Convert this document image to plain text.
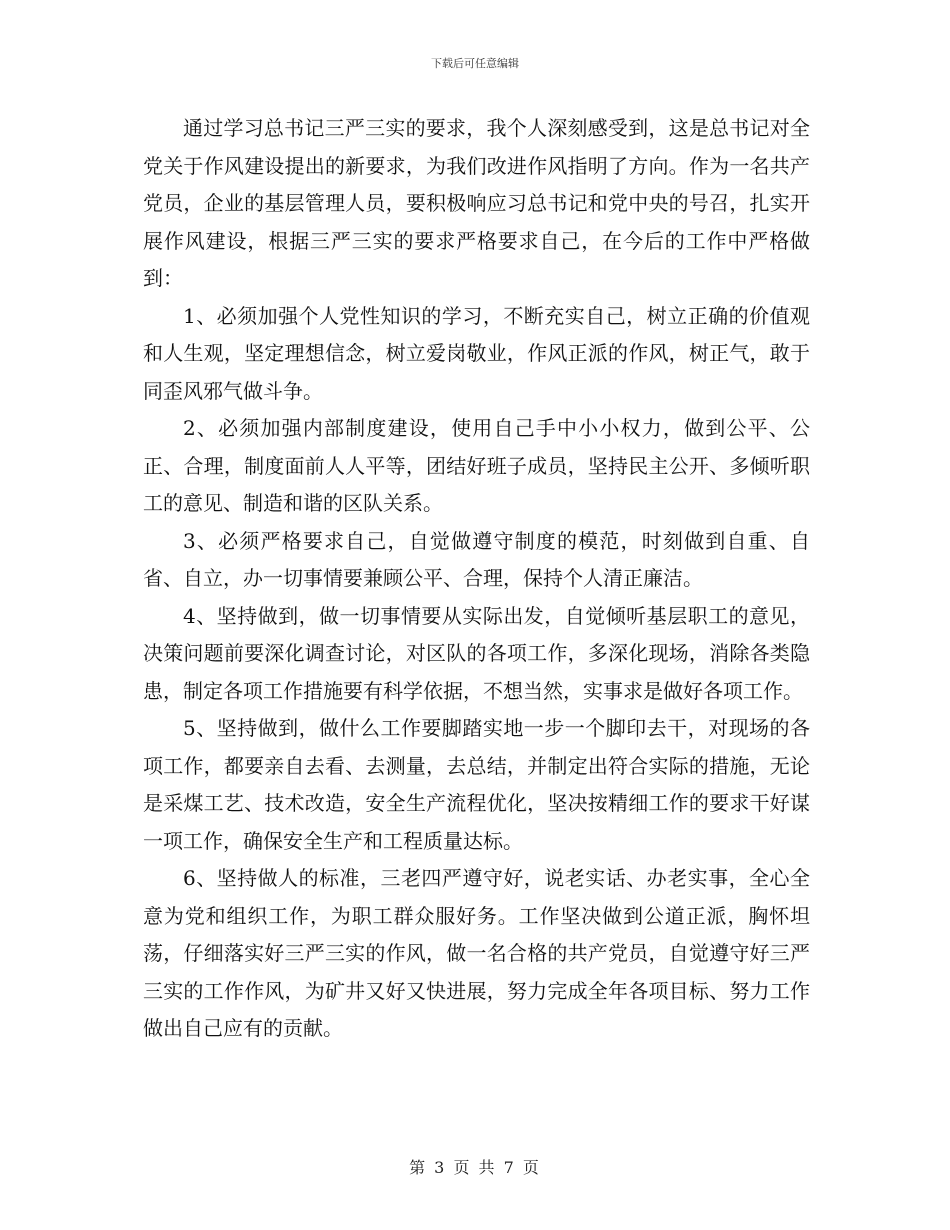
下载后可任意编辑

通过学习总书记三严三实的要求，我个人深刻感受到，这是总书记对全党关于作风建设提出的新要求，为我们改进作风指明了方向。作为一名共产党员，企业的基层管理人员，要积极响应习总书记和党中央的号召，扎实开展作风建设，根据三严三实的要求严格要求自己，在今后的工作中严格做到：

1、必须加强个人党性知识的学习，不断充实自己，树立正确的价值观和人生观，坚定理想信念，树立爱岗敬业，作风正派的作风，树正气，敢于同歪风邪气做斗争。

2、必须加强内部制度建设，使用自己手中小小权力，做到公平、公正、合理，制度面前人人平等，团结好班子成员，坚持民主公开、多倾听职工的意见、制造和谐的区队关系。

3、必须严格要求自己，自觉做遵守制度的模范，时刻做到自重、自省、自立，办一切事情要兼顾公平、合理，保持个人清正廉洁。

4、坚持做到，做一切事情要从实际出发，自觉倾听基层职工的意见，决策问题前要深化调查讨论，对区队的各项工作，多深化现场，消除各类隐患，制定各项工作措施要有科学依据，不想当然，实事求是做好各项工作。

5、坚持做到，做什么工作要脚踏实地一步一个脚印去干，对现场的各项工作，都要亲自去看、去测量，去总结，并制定出符合实际的措施，无论是采煤工艺、技术改造，安全生产流程优化，坚决按精细工作的要求干好谋一项工作，确保安全生产和工程质量达标。

6、坚持做人的标准，三老四严遵守好，说老实话、办老实事，全心全意为党和组织工作，为职工群众服好务。工作坚决做到公道正派，胸怀坦荡，仔细落实好三严三实的作风，做一名合格的共产党员，自觉遵守好三严三实的工作作风，为矿井又好又快进展，努力完成全年各项目标、努力工作做出自己应有的贡献。

第 3 页 共 7 页
